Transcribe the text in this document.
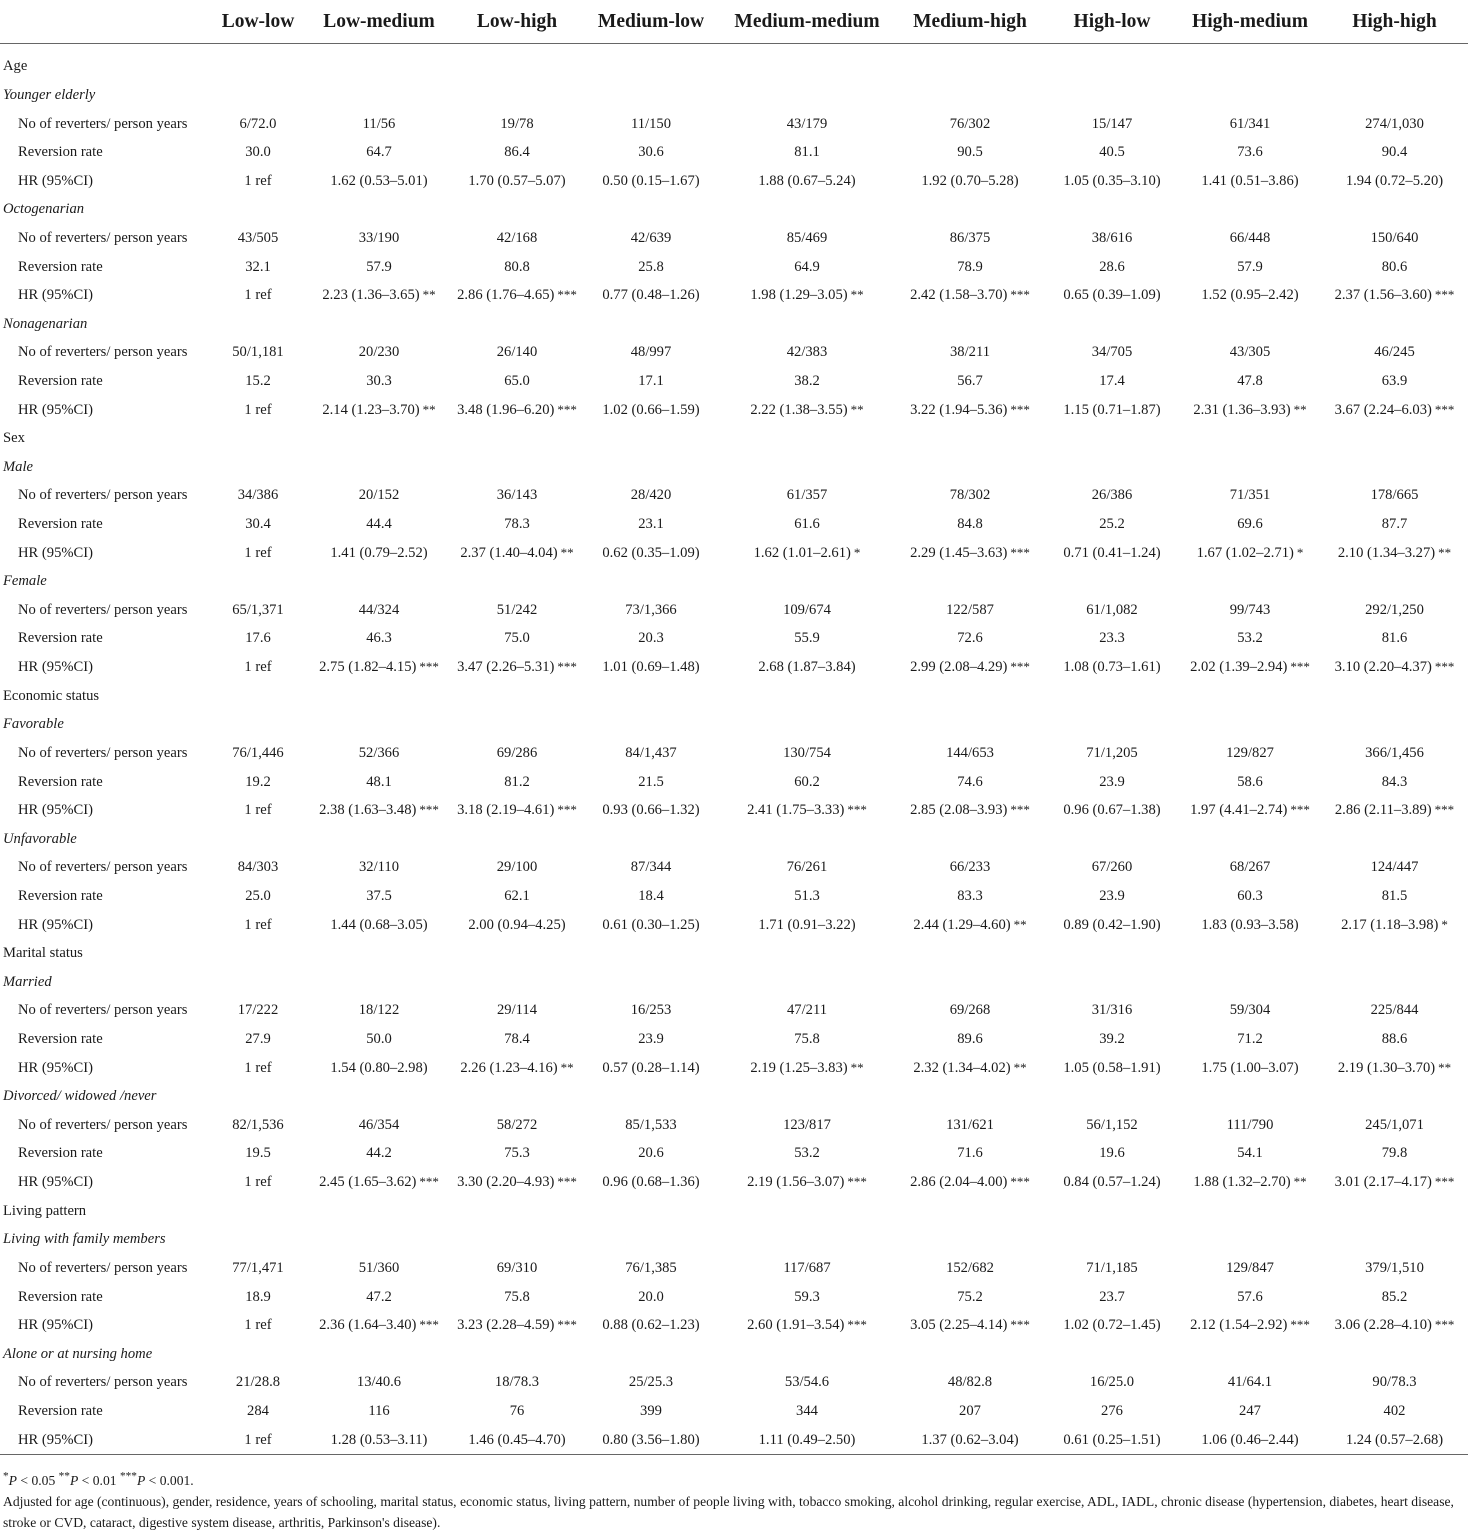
	Low-low	Low-medium	Low-high	Medium-low	Medium-medium	Medium-high	High-low	High-medium	High-high
Age									
Younger elderly									
No of reverters/ person years	6/72.0	11/56	19/78	11/150	43/179	76/302	15/147	61/341	274/1,030
Reversion rate	30.0	64.7	86.4	30.6	81.1	90.5	40.5	73.6	90.4
HR (95%CI)	1 ref	1.62 (0.53–5.01)	1.70 (0.57–5.07)	0.50 (0.15–1.67)	1.88 (0.67–5.24)	1.92 (0.70–5.28)	1.05 (0.35–3.10)	1.41 (0.51–3.86)	1.94 (0.72–5.20)
Octogenarian									
No of reverters/ person years	43/505	33/190	42/168	42/639	85/469	86/375	38/616	66/448	150/640
Reversion rate	32.1	57.9	80.8	25.8	64.9	78.9	28.6	57.9	80.6
HR (95%CI)	1 ref	2.23 (1.36–3.65) **	2.86 (1.76–4.65) ***	0.77 (0.48–1.26)	1.98 (1.29–3.05) **	2.42 (1.58–3.70) ***	0.65 (0.39–1.09)	1.52 (0.95–2.42)	2.37 (1.56–3.60) ***
Nonagenarian									
No of reverters/ person years	50/1,181	20/230	26/140	48/997	42/383	38/211	34/705	43/305	46/245
Reversion rate	15.2	30.3	65.0	17.1	38.2	56.7	17.4	47.8	63.9
HR (95%CI)	1 ref	2.14 (1.23–3.70) **	3.48 (1.96–6.20) ***	1.02 (0.66–1.59)	2.22 (1.38–3.55) **	3.22 (1.94–5.36) ***	1.15 (0.71–1.87)	2.31 (1.36–3.93) **	3.67 (2.24–6.03) ***
Sex									
Male									
No of reverters/ person years	34/386	20/152	36/143	28/420	61/357	78/302	26/386	71/351	178/665
Reversion rate	30.4	44.4	78.3	23.1	61.6	84.8	25.2	69.6	87.7
HR (95%CI)	1 ref	1.41 (0.79–2.52)	2.37 (1.40–4.04) **	0.62 (0.35–1.09)	1.62 (1.01–2.61) *	2.29 (1.45–3.63) ***	0.71 (0.41–1.24)	1.67 (1.02–2.71) *	2.10 (1.34–3.27) **
Female									
No of reverters/ person years	65/1,371	44/324	51/242	73/1,366	109/674	122/587	61/1,082	99/743	292/1,250
Reversion rate	17.6	46.3	75.0	20.3	55.9	72.6	23.3	53.2	81.6
HR (95%CI)	1 ref	2.75 (1.82–4.15) ***	3.47 (2.26–5.31) ***	1.01 (0.69–1.48)	2.68 (1.87–3.84)	2.99 (2.08–4.29) ***	1.08 (0.73–1.61)	2.02 (1.39–2.94) ***	3.10 (2.20–4.37) ***
Economic status									
Favorable									
No of reverters/ person years	76/1,446	52/366	69/286	84/1,437	130/754	144/653	71/1,205	129/827	366/1,456
Reversion rate	19.2	48.1	81.2	21.5	60.2	74.6	23.9	58.6	84.3
HR (95%CI)	1 ref	2.38 (1.63–3.48) ***	3.18 (2.19–4.61) ***	0.93 (0.66–1.32)	2.41 (1.75–3.33) ***	2.85 (2.08–3.93) ***	0.96 (0.67–1.38)	1.97 (4.41–2.74) ***	2.86 (2.11–3.89) ***
Unfavorable									
No of reverters/ person years	84/303	32/110	29/100	87/344	76/261	66/233	67/260	68/267	124/447
Reversion rate	25.0	37.5	62.1	18.4	51.3	83.3	23.9	60.3	81.5
HR (95%CI)	1 ref	1.44 (0.68–3.05)	2.00 (0.94–4.25)	0.61 (0.30–1.25)	1.71 (0.91–3.22)	2.44 (1.29–4.60) **	0.89 (0.42–1.90)	1.83 (0.93–3.58)	2.17 (1.18–3.98) *
Marital status									
Married									
No of reverters/ person years	17/222	18/122	29/114	16/253	47/211	69/268	31/316	59/304	225/844
Reversion rate	27.9	50.0	78.4	23.9	75.8	89.6	39.2	71.2	88.6
HR (95%CI)	1 ref	1.54 (0.80–2.98)	2.26 (1.23–4.16) **	0.57 (0.28–1.14)	2.19 (1.25–3.83) **	2.32 (1.34–4.02) **	1.05 (0.58–1.91)	1.75 (1.00–3.07)	2.19 (1.30–3.70) **
Divorced/ widowed /never									
No of reverters/ person years	82/1,536	46/354	58/272	85/1,533	123/817	131/621	56/1,152	111/790	245/1,071
Reversion rate	19.5	44.2	75.3	20.6	53.2	71.6	19.6	54.1	79.8
HR (95%CI)	1 ref	2.45 (1.65–3.62) ***	3.30 (2.20–4.93) ***	0.96 (0.68–1.36)	2.19 (1.56–3.07) ***	2.86 (2.04–4.00) ***	0.84 (0.57–1.24)	1.88 (1.32–2.70) **	3.01 (2.17–4.17) ***
Living pattern									
Living with family members									
No of reverters/ person years	77/1,471	51/360	69/310	76/1,385	117/687	152/682	71/1,185	129/847	379/1,510
Reversion rate	18.9	47.2	75.8	20.0	59.3	75.2	23.7	57.6	85.2
HR (95%CI)	1 ref	2.36 (1.64–3.40) ***	3.23 (2.28–4.59) ***	0.88 (0.62–1.23)	2.60 (1.91–3.54) ***	3.05 (2.25–4.14) ***	1.02 (0.72–1.45)	2.12 (1.54–2.92) ***	3.06 (2.28–4.10) ***
Alone or at nursing home									
No of reverters/ person years	21/28.8	13/40.6	18/78.3	25/25.3	53/54.6	48/82.8	16/25.0	41/64.1	90/78.3
Reversion rate	284	116	76	399	344	207	276	247	402
HR (95%CI)	1 ref	1.28 (0.53–3.11)	1.46 (0.45–4.70)	0.80 (3.56–1.80)	1.11 (0.49–2.50)	1.37 (0.62–3.04)	0.61 (0.25–1.51)	1.06 (0.46–2.44)	1.24 (0.57–2.68)

*P < 0.05 **P < 0.01 ***P < 0.001.

Adjusted for age (continuous), gender, residence, years of schooling, marital status, economic status, living pattern, number of people living with, tobacco smoking, alcohol drinking, regular exercise, ADL, IADL, chronic disease (hypertension, diabetes, heart disease, stroke or CVD, cataract, digestive system disease, arthritis, Parkinson's disease).
